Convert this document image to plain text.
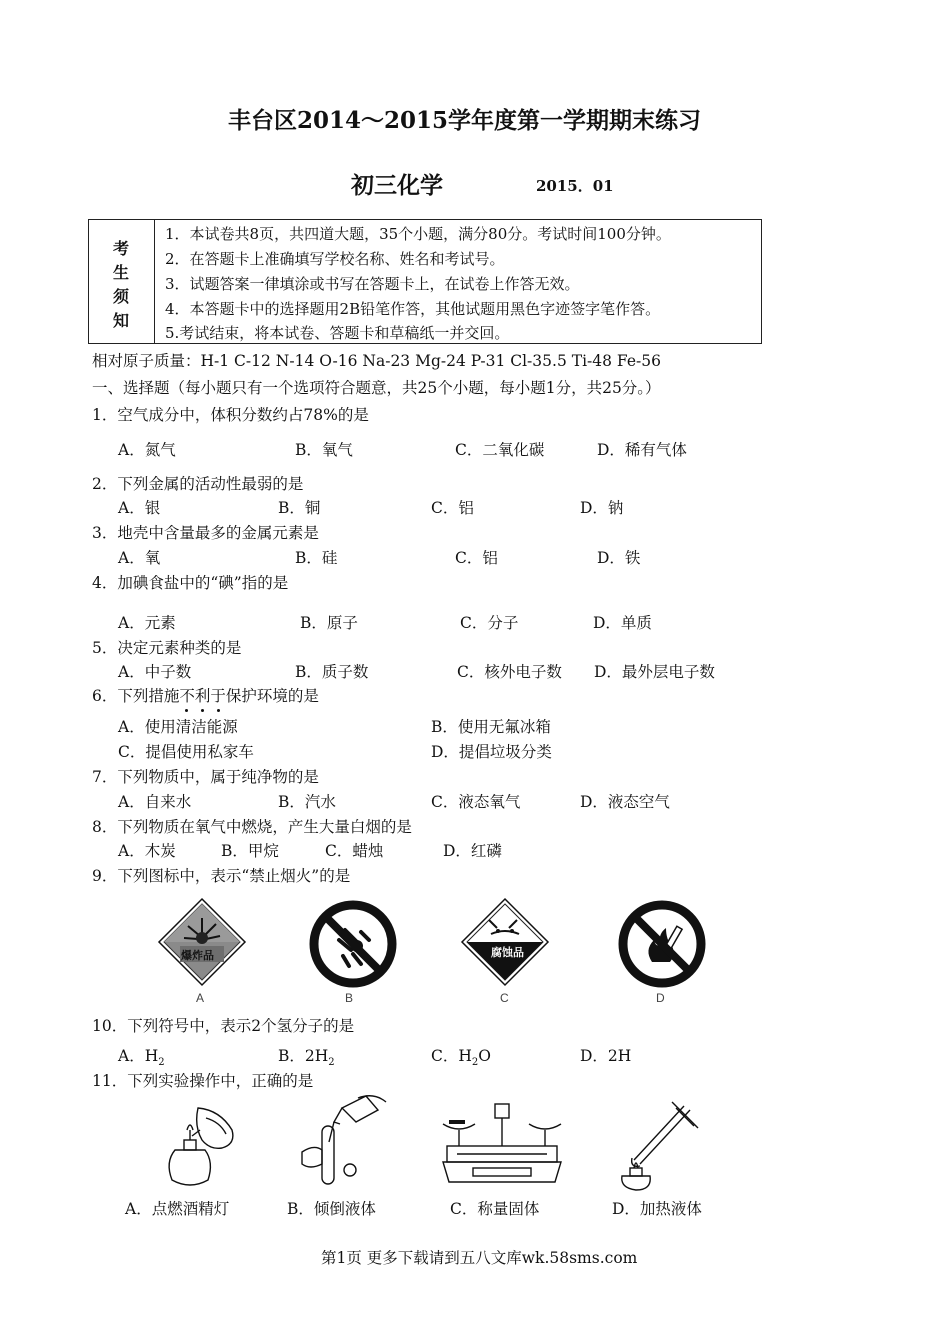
丰台区2014～2015学年度第一学期期末练习
初三化学	2015．01
考
生
须
知
1．本试卷共8页，共四道大题，35个小题，满分80分。考试时间100分钟。
2．在答题卡上准确填写学校名称、姓名和考试号。
3．试题答案一律填涂或书写在答题卡上，在试卷上作答无效。
4．本答题卡中的选择题用2B铅笔作答，其他试题用黑色字迹签字笔作答。
5.考试结束，将本试卷、答题卡和草稿纸一并交回。
相对原子质量：H-1 C-12 N-14 O-16 Na-23 Mg-24 P-31 Cl-35.5 Ti-48 Fe-56
一、选择题（每小题只有一个选项符合题意，共25个小题，每小题1分，共25分。）
1．空气成分中，体积分数约占78%的是
A．氮气	B．氧气	C．二氧化碳	D．稀有气体
2．下列金属的活动性最弱的是
A．银	B．铜	C．铝	D．钠
3．地壳中含量最多的金属元素是
A．氧	B．硅	C．铝	D．铁
4．加碘食盐中的“碘”指的是
A．元素	B．原子	C．分子	D．单质
5．决定元素种类的是
A．中子数	B．质子数	C．核外电子数 D．最外层电子数
6．下列措施不利于
保护环境的是
A．使用清洁能源	B．使用无氟冰箱
C．提倡使用私家车	D．提倡垃圾分类
7．下列物质中，属于纯净物的是
A．自来水	B．汽水	C．液态氧气	D．液态空气
8．下列物质在氧气中燃烧，产生大量白烟的是
A．木炭	B．甲烷	C．蜡烛	D．红磷
9．下列图标中，表示“禁止烟火”的是
爆炸品	腐蚀品
A	B	C	D
10．下列符号中，表示2个氢分子的是
A．$H_2$	B．$2H_2$	C．$H_2O$	D．2H
11．下列实验操作中，正确的是
A．点燃酒精灯	B．倾倒液体	C．称量固体	D．加热液体
第1页 更多下载请到五八文库wk.58sms.com
